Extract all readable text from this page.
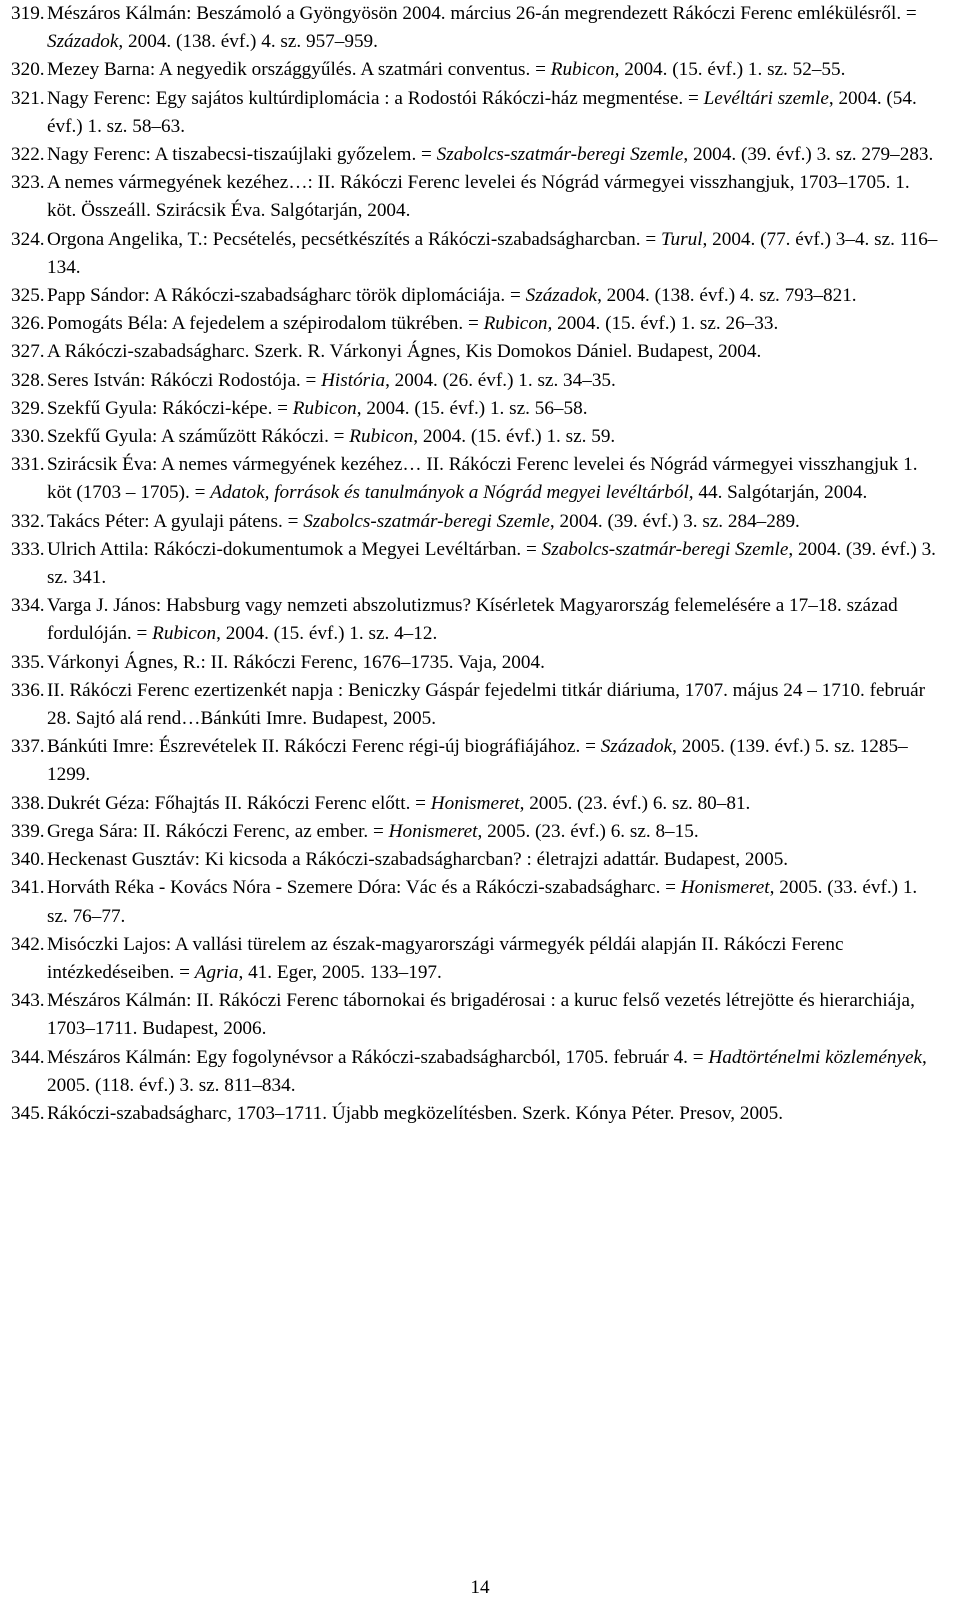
319. Mészáros Kálmán: Beszámoló a Gyöngyösön 2004. március 26-án megrendezett Rákóczi Ferenc emlékülésről. = Századok, 2004. (138. évf.) 4. sz. 957–959.
320. Mezey Barna: A negyedik országgyűlés. A szatmári conventus. = Rubicon, 2004. (15. évf.) 1. sz. 52–55.
321. Nagy Ferenc: Egy sajátos kultúrdiplomácia : a Rodostói Rákóczi-ház megmentése. = Levéltári szemle, 2004. (54. évf.) 1. sz. 58–63.
322. Nagy Ferenc: A tiszabecsi-tiszaújlaki győzelem. = Szabolcs-szatmár-beregi Szemle, 2004. (39. évf.) 3. sz. 279–283.
323. A nemes vármegyének kezéhez…: II. Rákóczi Ferenc levelei és Nógrád vármegyei visszhangjuk, 1703–1705. 1. köt. Összeáll. Szirácsik Éva. Salgótarján, 2004.
324. Orgona Angelika, T.: Pecsételés, pecsétkészítés a Rákóczi-szabadságharcban. = Turul, 2004. (77. évf.) 3–4. sz. 116–134.
325. Papp Sándor: A Rákóczi-szabadságharc török diplomáciája. = Századok, 2004. (138. évf.) 4. sz. 793–821.
326. Pomogáts Béla: A fejedelem a szépirodalom tükrében. = Rubicon, 2004. (15. évf.) 1. sz. 26–33.
327. A Rákóczi-szabadságharc. Szerk. R. Várkonyi Ágnes, Kis Domokos Dániel. Budapest, 2004.
328. Seres István: Rákóczi Rodostója. = História, 2004. (26. évf.) 1. sz. 34–35.
329. Szekfű Gyula: Rákóczi-képe. = Rubicon, 2004. (15. évf.) 1. sz. 56–58.
330. Szekfű Gyula: A száműzött Rákóczi. = Rubicon, 2004. (15. évf.) 1. sz. 59.
331. Szirácsik Éva: A nemes vármegyének kezéhez… II. Rákóczi Ferenc levelei és Nógrád vármegyei visszhangjuk 1. köt (1703 – 1705). = Adatok, források és tanulmányok a Nógrád megyei levéltárból, 44. Salgótarján, 2004.
332. Takács Péter: A gyulaji pátens. = Szabolcs-szatmár-beregi Szemle, 2004. (39. évf.) 3. sz. 284–289.
333. Ulrich Attila: Rákóczi-dokumentumok a Megyei Levéltárban. = Szabolcs-szatmár-beregi Szemle, 2004. (39. évf.) 3. sz. 341.
334. Varga J. János: Habsburg vagy nemzeti abszolutizmus? Kísérletek Magyarország felemelésére a 17–18. század fordulóján. = Rubicon, 2004. (15. évf.) 1. sz. 4–12.
335. Várkonyi Ágnes, R.: II. Rákóczi Ferenc, 1676–1735. Vaja, 2004.
336. II. Rákóczi Ferenc ezertizenkét napja : Beniczky Gáspár fejedelmi titkár diáriuma, 1707. május 24 – 1710. február 28. Sajtó alá rend…Bánkúti Imre. Budapest, 2005.
337. Bánkúti Imre: Észrevételek II. Rákóczi Ferenc régi-új biográfiájához. = Századok, 2005. (139. évf.) 5. sz. 1285–1299.
338. Dukrét Géza: Főhajtás II. Rákóczi Ferenc előtt. = Honismeret, 2005. (23. évf.) 6. sz. 80–81.
339. Grega Sára: II. Rákóczi Ferenc, az ember. = Honismeret, 2005. (23. évf.) 6. sz. 8–15.
340. Heckenast Gusztáv: Ki kicsoda a Rákóczi-szabadságharcban? : életrajzi adattár. Budapest, 2005.
341. Horváth Réka - Kovács Nóra - Szemere Dóra: Vác és a Rákóczi-szabadságharc. = Honismeret, 2005. (33. évf.) 1. sz. 76–77.
342. Misóczki Lajos: A vallási türelem az észak-magyarországi vármegyék példái alapján II. Rákóczi Ferenc intézkedéseiben. = Agria, 41. Eger, 2005. 133–197.
343. Mészáros Kálmán: II. Rákóczi Ferenc tábornokai és brigadérosai : a kuruc felső vezetés létrejötte és hierarchiája, 1703–1711. Budapest, 2006.
344. Mészáros Kálmán: Egy fogolynévsor a Rákóczi-szabadságharcból, 1705. február 4. = Hadtörténelmi közlemények, 2005. (118. évf.) 3. sz. 811–834.
345. Rákóczi-szabadságharc, 1703–1711. Újabb megközelítésben. Szerk. Kónya Péter. Presov, 2005.
14
